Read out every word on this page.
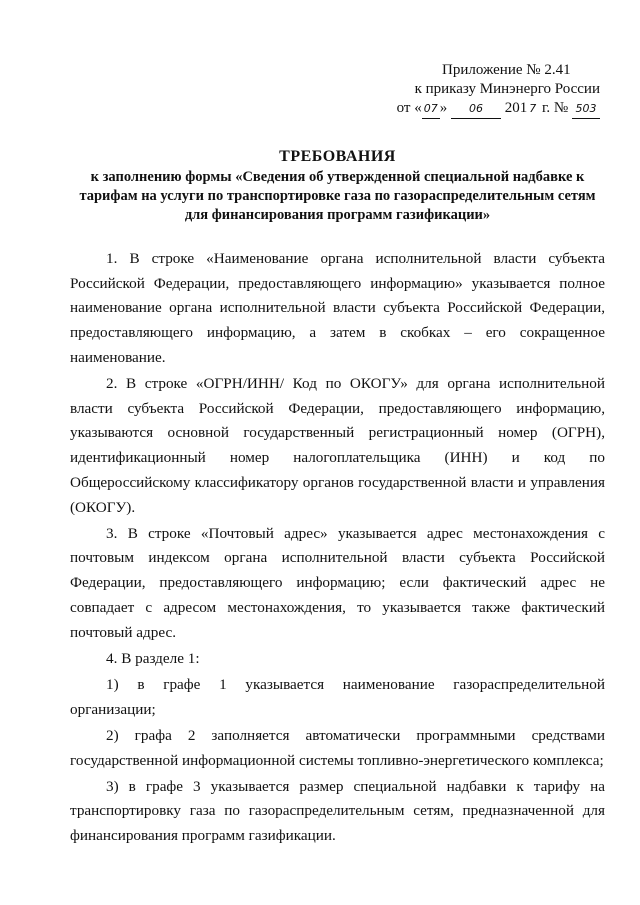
Приложение № 2.41
к приказу Минэнерго России
от « 07 » 06 201 7 г. № 503
ТРЕБОВАНИЯ
к заполнению формы «Сведения об утвержденной специальной надбавке к тарифам на услуги по транспортировке газа по газораспределительным сетям для финансирования программ газификации»

1. В строке «Наименование органа исполнительной власти субъекта Российской Федерации, предоставляющего информацию» указывается полное наименование органа исполнительной власти субъекта Российской Федерации, предоставляющего информацию, а затем в скобках – его сокращенное наименование.

2. В строке «ОГРН/ИНН/ Код по ОКОГУ» для органа исполнительной власти субъекта Российской Федерации, предоставляющего информацию, указываются основной государственный регистрационный номер (ОГРН), идентификационный номер налогоплательщика (ИНН) и код по Общероссийскому классификатору органов государственной власти и управления (ОКОГУ).

3. В строке «Почтовый адрес» указывается адрес местонахождения с почтовым индексом органа исполнительной власти субъекта Российской Федерации, предоставляющего информацию; если фактический адрес не совпадает с адресом местонахождения, то указывается также фактический почтовый адрес.

4. В разделе 1:

1) в графе 1 указывается наименование газораспределительной организации;

2) графа 2 заполняется автоматически программными средствами государственной информационной системы топливно-энергетического комплекса;

3) в графе 3 указывается размер специальной надбавки к тарифу на транспортировку газа по газораспределительным сетям, предназначенной для финансирования программ газификации.
